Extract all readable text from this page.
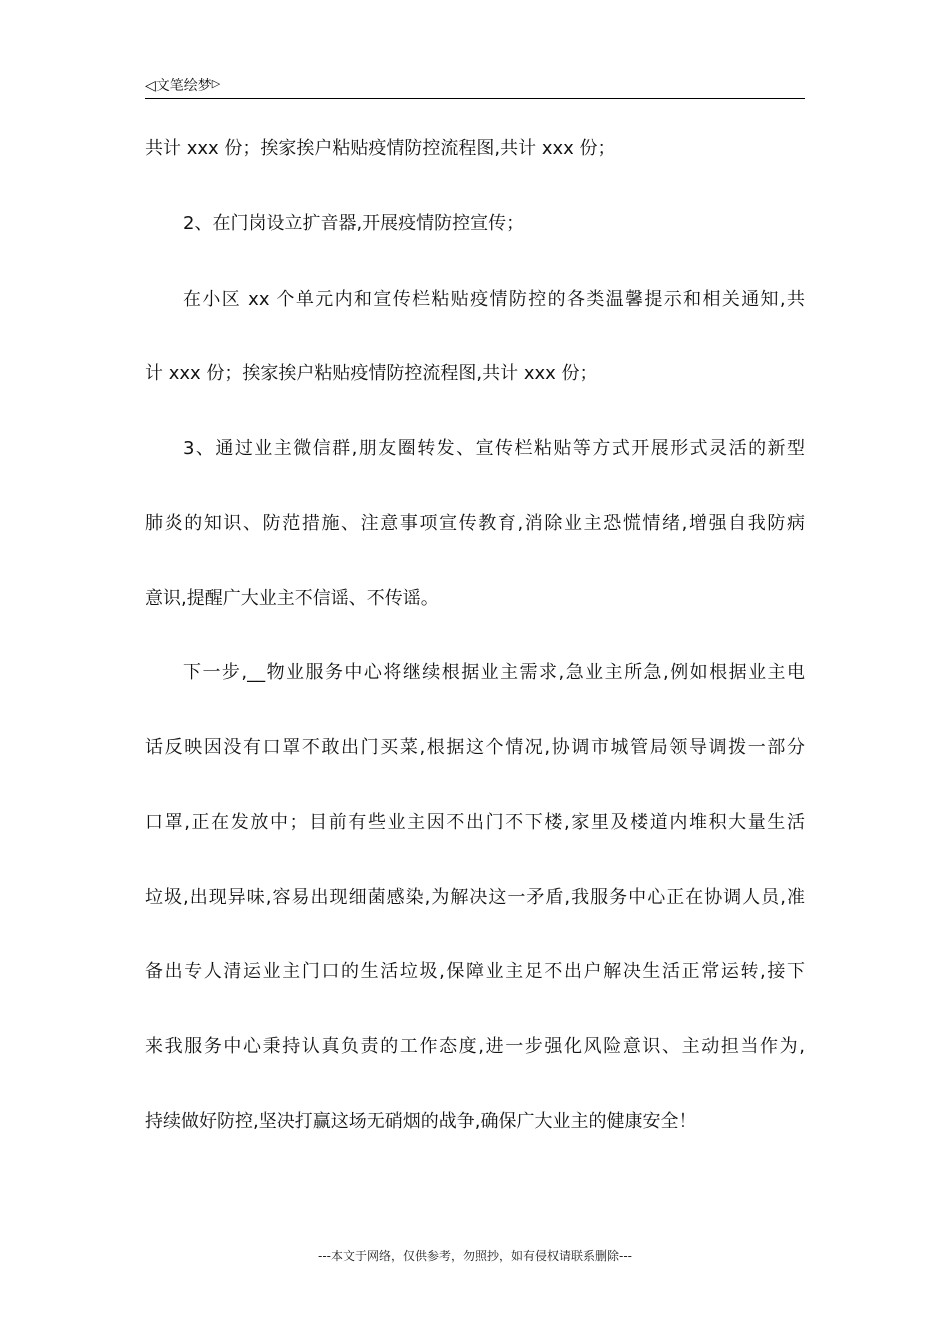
◁文笔绘梦▷
共计 xxx 份；挨家挨户粘贴疫情防控流程图,共计 xxx 份；
2、在门岗设立扩音器,开展疫情防控宣传；
在小区 xx 个单元内和宣传栏粘贴疫情防控的各类温馨提示和相关通知,共
计 xxx 份；挨家挨户粘贴疫情防控流程图,共计 xxx 份；
3、通过业主微信群,朋友圈转发、宣传栏粘贴等方式开展形式灵活的新型
肺炎的知识、防范措施、注意事项宣传教育,消除业主恐慌情绪,增强自我防病
意识,提醒广大业主不信谣、不传谣。
下一步,__物业服务中心将继续根据业主需求,急业主所急,例如根据业主电
话反映因没有口罩不敢出门买菜,根据这个情况,协调市城管局领导调拨一部分
口罩,正在发放中；目前有些业主因不出门不下楼,家里及楼道内堆积大量生活
垃圾,出现异味,容易出现细菌感染,为解决这一矛盾,我服务中心正在协调人员,准
备出专人清运业主门口的生活垃圾,保障业主足不出户解决生活正常运转,接下
来我服务中心秉持认真负责的工作态度,进一步强化风险意识、主动担当作为,
持续做好防控,坚决打赢这场无硝烟的战争,确保广大业主的健康安全！
---本文于网络，仅供参考，勿照抄，如有侵权请联系删除---
